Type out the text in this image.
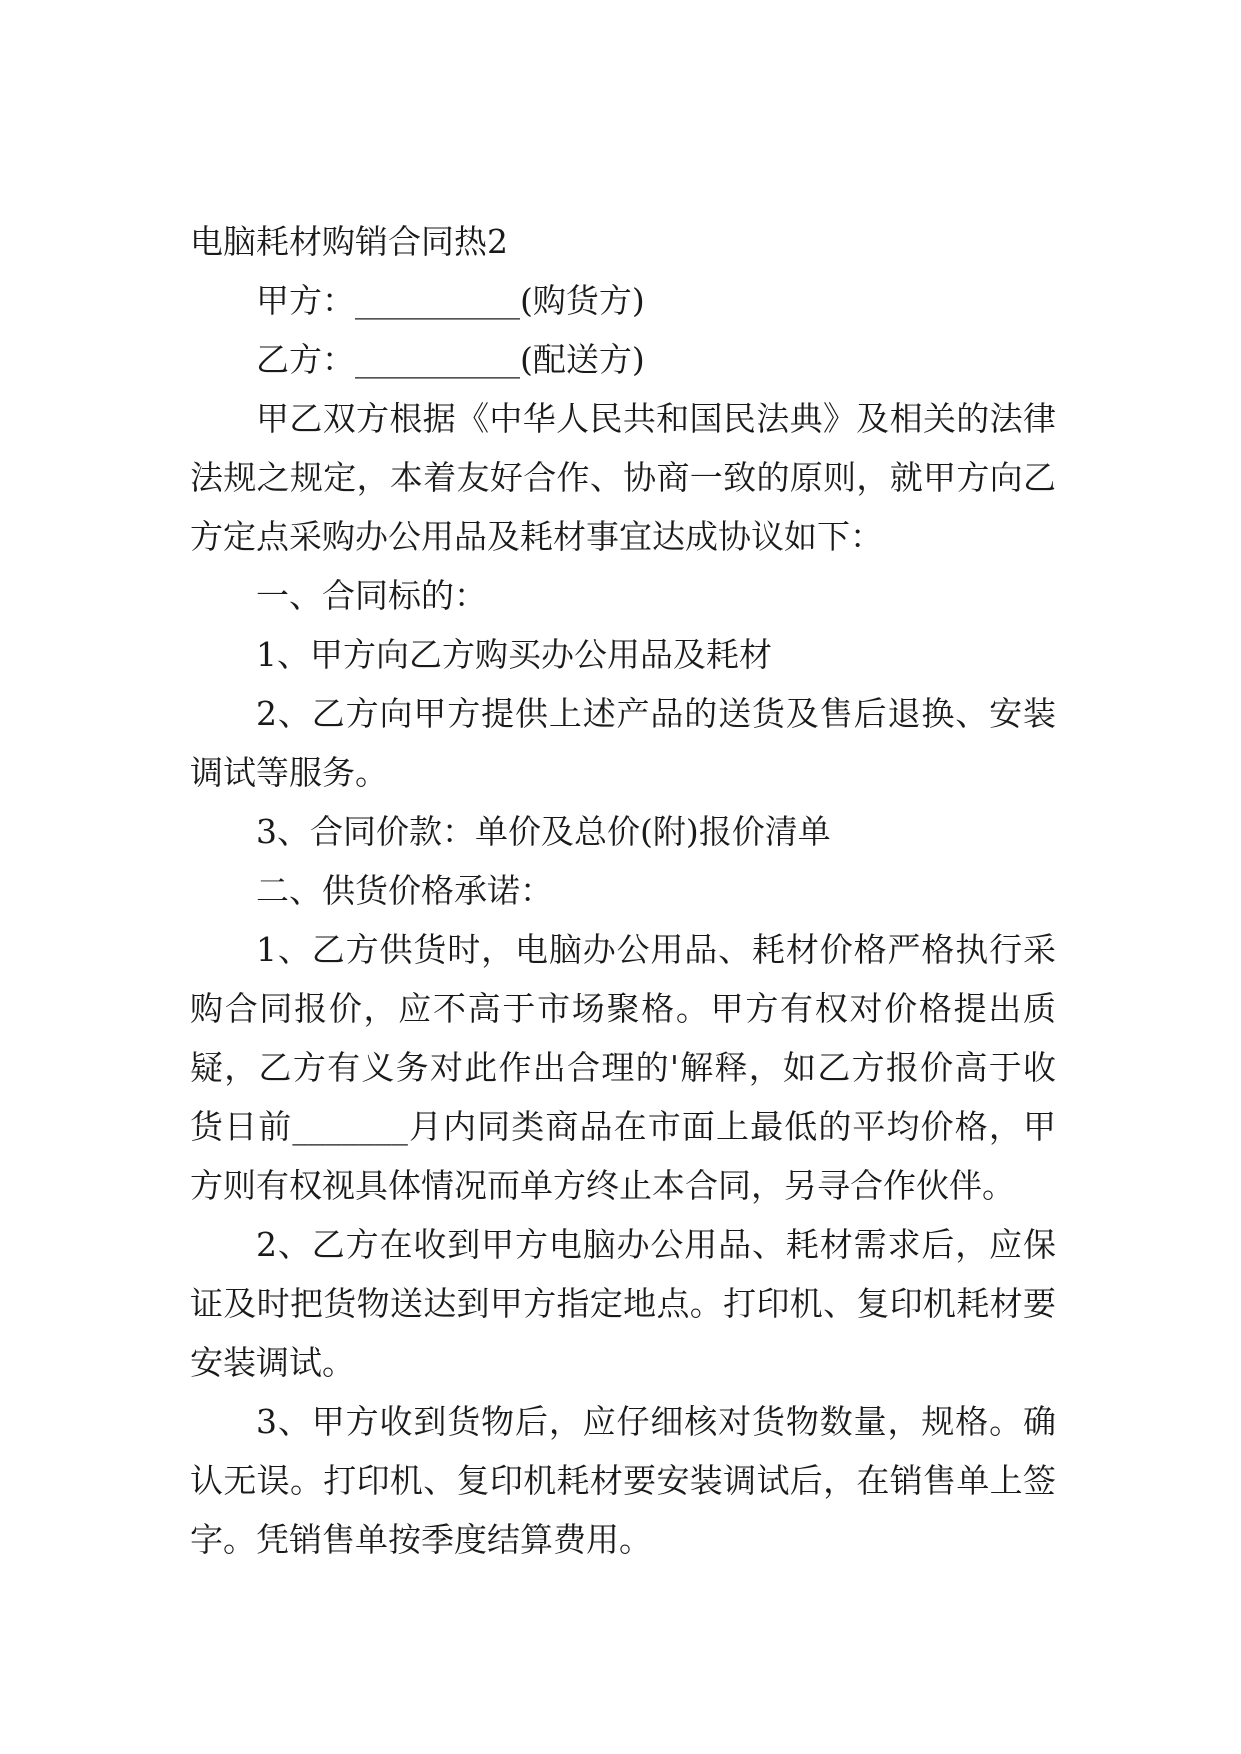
电脑耗材购销合同热2

甲方：__________(购货方)

乙方：__________(配送方)

甲乙双方根据《中华人民共和国民法典》及相关的法律法规之规定，本着友好合作、协商一致的原则，就甲方向乙方定点采购办公用品及耗材事宜达成协议如下：

一、合同标的：

1、甲方向乙方购买办公用品及耗材

2、乙方向甲方提供上述产品的送货及售后退换、安装调试等服务。

3、合同价款：单价及总价(附)报价清单

二、供货价格承诺：

1、乙方供货时，电脑办公用品、耗材价格严格执行采购合同报价，应不高于市场聚格。甲方有权对价格提出质疑，乙方有义务对此作出合理的'解释，如乙方报价高于收货日前_______月内同类商品在市面上最低的平均价格，甲方则有权视具体情况而单方终止本合同，另寻合作伙伴。

2、乙方在收到甲方电脑办公用品、耗材需求后，应保证及时把货物送达到甲方指定地点。打印机、复印机耗材要安装调试。

3、甲方收到货物后，应仔细核对货物数量，规格。确认无误。打印机、复印机耗材要安装调试后，在销售单上签字。凭销售单按季度结算费用。
